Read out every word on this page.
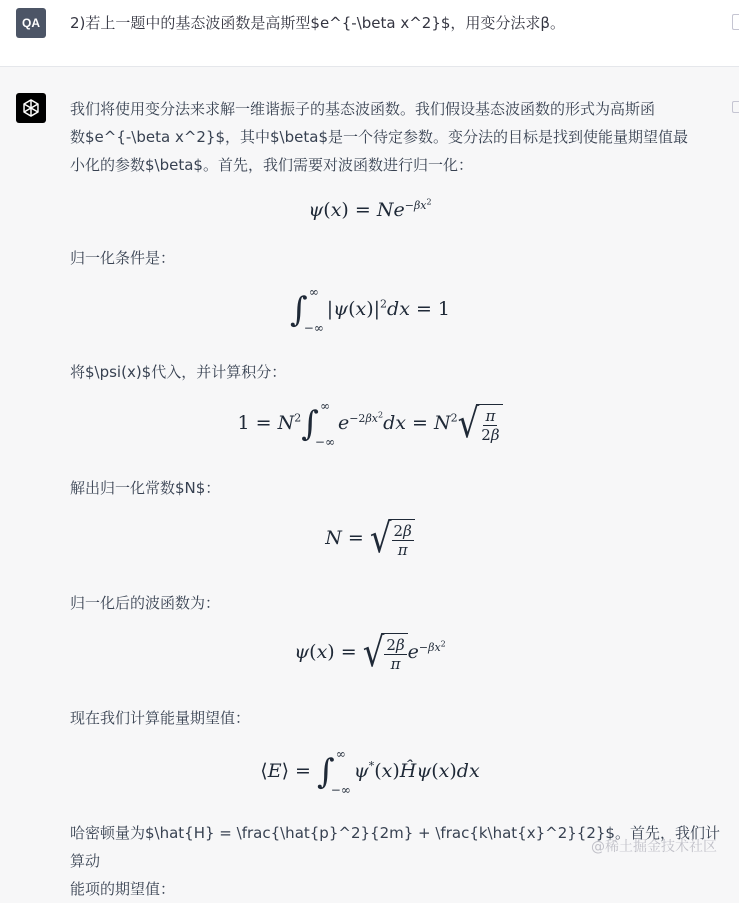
QA	2)若上一题中的基态波函数是高斯型$e^{-\beta x^2}$，用变分法求β。
我们将使用变分法来求解一维谐振子的基态波函数。我们假设基态波函数的形式为高斯函
数$e^{-\beta x^2}$，其中$\beta$是一个待定参数。变分法的目标是找到使能量期望值最
小化的参数$\beta$。首先，我们需要对波函数进行归一化：
$\psi(x) = Ne^{-\beta x^2}$
归一化条件是：
∫ ∞
−∞
$|\psi(x)|^2dx = 1$
将$\psi(x)$代入，并计算积分：
$1 = N^2\int$ ∞
−∞
$e^{-2\beta x^2}dx = N^2$ √ $\frac{\pi}{2\beta}$
解出归一化常数$N$：
N = √ $\frac{2\beta}{\pi}$
归一化后的波函数为：
ψ(x) = √ $\frac{2\beta}{\pi} e^{-\beta x^2}$
现在我们计算能量期望值：
⟨E⟩ = ∫ ∞
−∞
ψ*(x)Ĥψ(x)dx
哈密顿量为$\hat{H} = \frac{\hat{p}^2}{2m} + \frac{k\hat{x}^2}{2}$。首先，我们计算动
能项的期望值：
@稀土掘金技术社区
